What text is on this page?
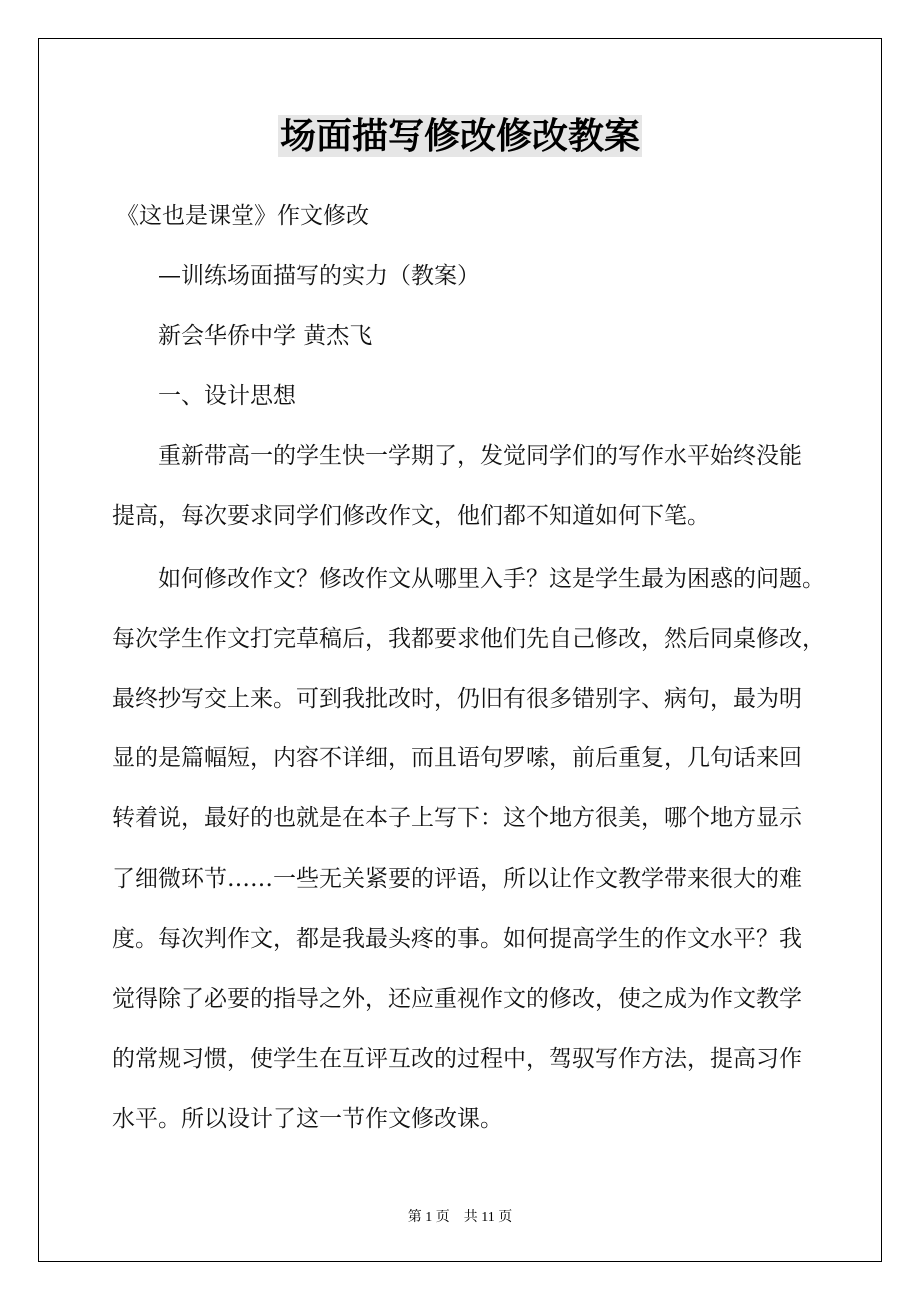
场面描写修改修改教案
《这也是课堂》作文修改
—训练场面描写的实力（教案）
新会华侨中学 黄杰飞
一、设计思想
重新带高一的学生快一学期了，发觉同学们的写作水平始终没能
提高，每次要求同学们修改作文，他们都不知道如何下笔。
如何修改作文？修改作文从哪里入手？这是学生最为困惑的问题。
每次学生作文打完草稿后，我都要求他们先自己修改，然后同桌修改，
最终抄写交上来。可到我批改时，仍旧有很多错别字、病句，最为明
显的是篇幅短，内容不详细，而且语句罗嗦，前后重复，几句话来回
转着说，最好的也就是在本子上写下：这个地方很美，哪个地方显示
了细微环节……一些无关紧要的评语，所以让作文教学带来很大的难
度。每次判作文，都是我最头疼的事。如何提高学生的作文水平？我
觉得除了必要的指导之外，还应重视作文的修改，使之成为作文教学
的常规习惯，使学生在互评互改的过程中，驾驭写作方法，提高习作
水平。所以设计了这一节作文修改课。
第 1 页　共 11 页
